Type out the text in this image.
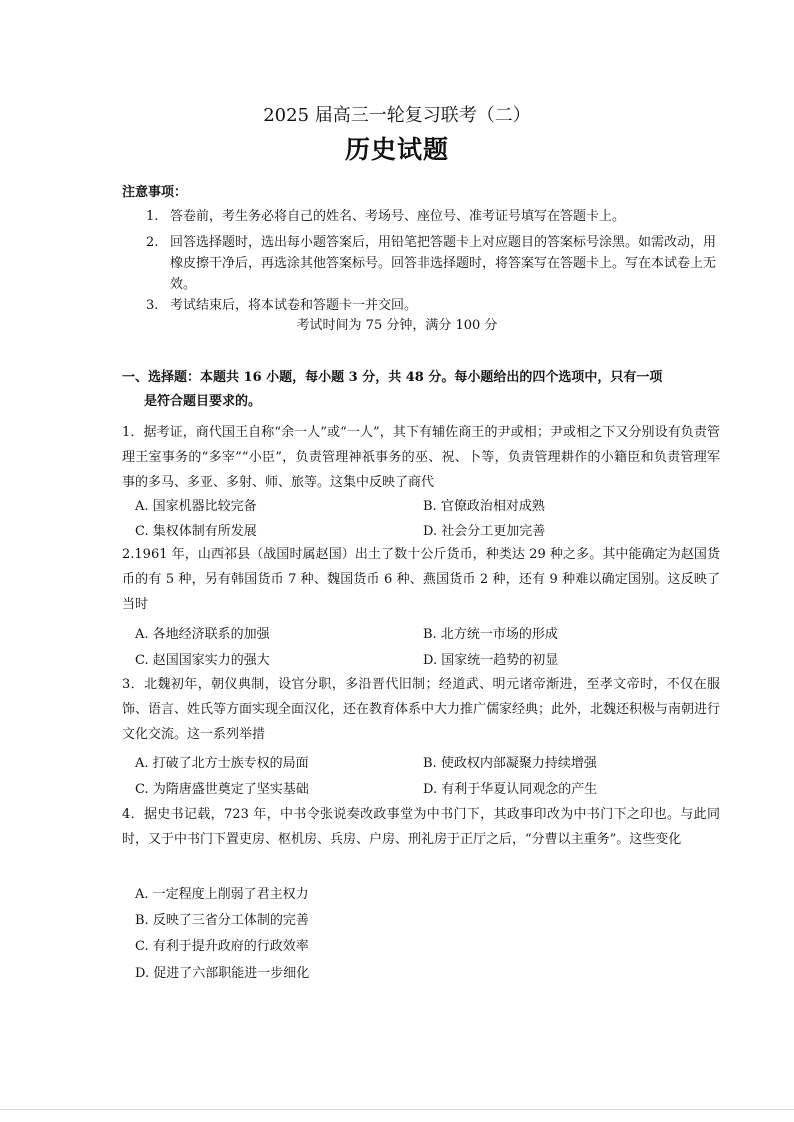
2025 届高三一轮复习联考（二）
历史试题
注意事项：
1. 答卷前，考生务必将自己的姓名、考场号、座位号、准考证号填写在答题卡上。
2. 回答选择题时，选出每小题答案后，用铅笔把答题卡上对应题目的答案标号涂黑。如需改动，用橡皮擦干净后，再选涂其他答案标号。回答非选择题时，将答案写在答题卡上。写在本试卷上无效。
3. 考试结束后，将本试卷和答题卡一并交回。
考试时间为 75 分钟，满分 100 分
一、选择题：本题共 16 小题，每小题 3 分，共 48 分。每小题给出的四个选项中，只有一项
是符合题目要求的。
1．据考证，商代国王自称“余一人”或“一人”，其下有辅佐商王的尹或相；尹或相之下又分别设有负责管理王室事务的“多宰”“小臣”，负责管理神祇事务的巫、祝、卜等，负责管理耕作的小籍臣和负责管理军事的多马、多亚、多射、师、旅等。这集中反映了商代
A. 国家机器比较完备	B. 官僚政治相对成熟
C. 集权体制有所发展	D. 社会分工更加完善
2.1961 年，山西祁县（战国时属赵国）出土了数十公斤货币，种类达 29 种之多。其中能确定为赵国货币的有 5 种，另有韩国货币 7 种、魏国货币 6 种、燕国货币 2 种，还有 9 种难以确定国别。这反映了当时
A. 各地经济联系的加强	B. 北方统一市场的形成
C. 赵国国家实力的强大	D. 国家统一趋势的初显
3．北魏初年，朝仪典制，设官分职，多沿晋代旧制；经道武、明元诸帝渐进，至孝文帝时，不仅在服饰、语言、姓氏等方面实现全面汉化，还在教育体系中大力推广儒家经典；此外，北魏还积极与南朝进行文化交流。这一系列举措
A. 打破了北方士族专权的局面	B. 使政权内部凝聚力持续增强
C. 为隋唐盛世奠定了坚实基础	D. 有利于华夏认同观念的产生
4．据史书记载，723 年，中书令张说奏改政事堂为中书门下，其政事印改为中书门下之印也。与此同时，又于中书门下置吏房、枢机房、兵房、户房、刑礼房于正厅之后，“分曹以主重务”。这些变化
A. 一定程度上削弱了君主权力
B. 反映了三省分工体制的完善
C. 有利于提升政府的行政效率
D. 促进了六部职能进一步细化
